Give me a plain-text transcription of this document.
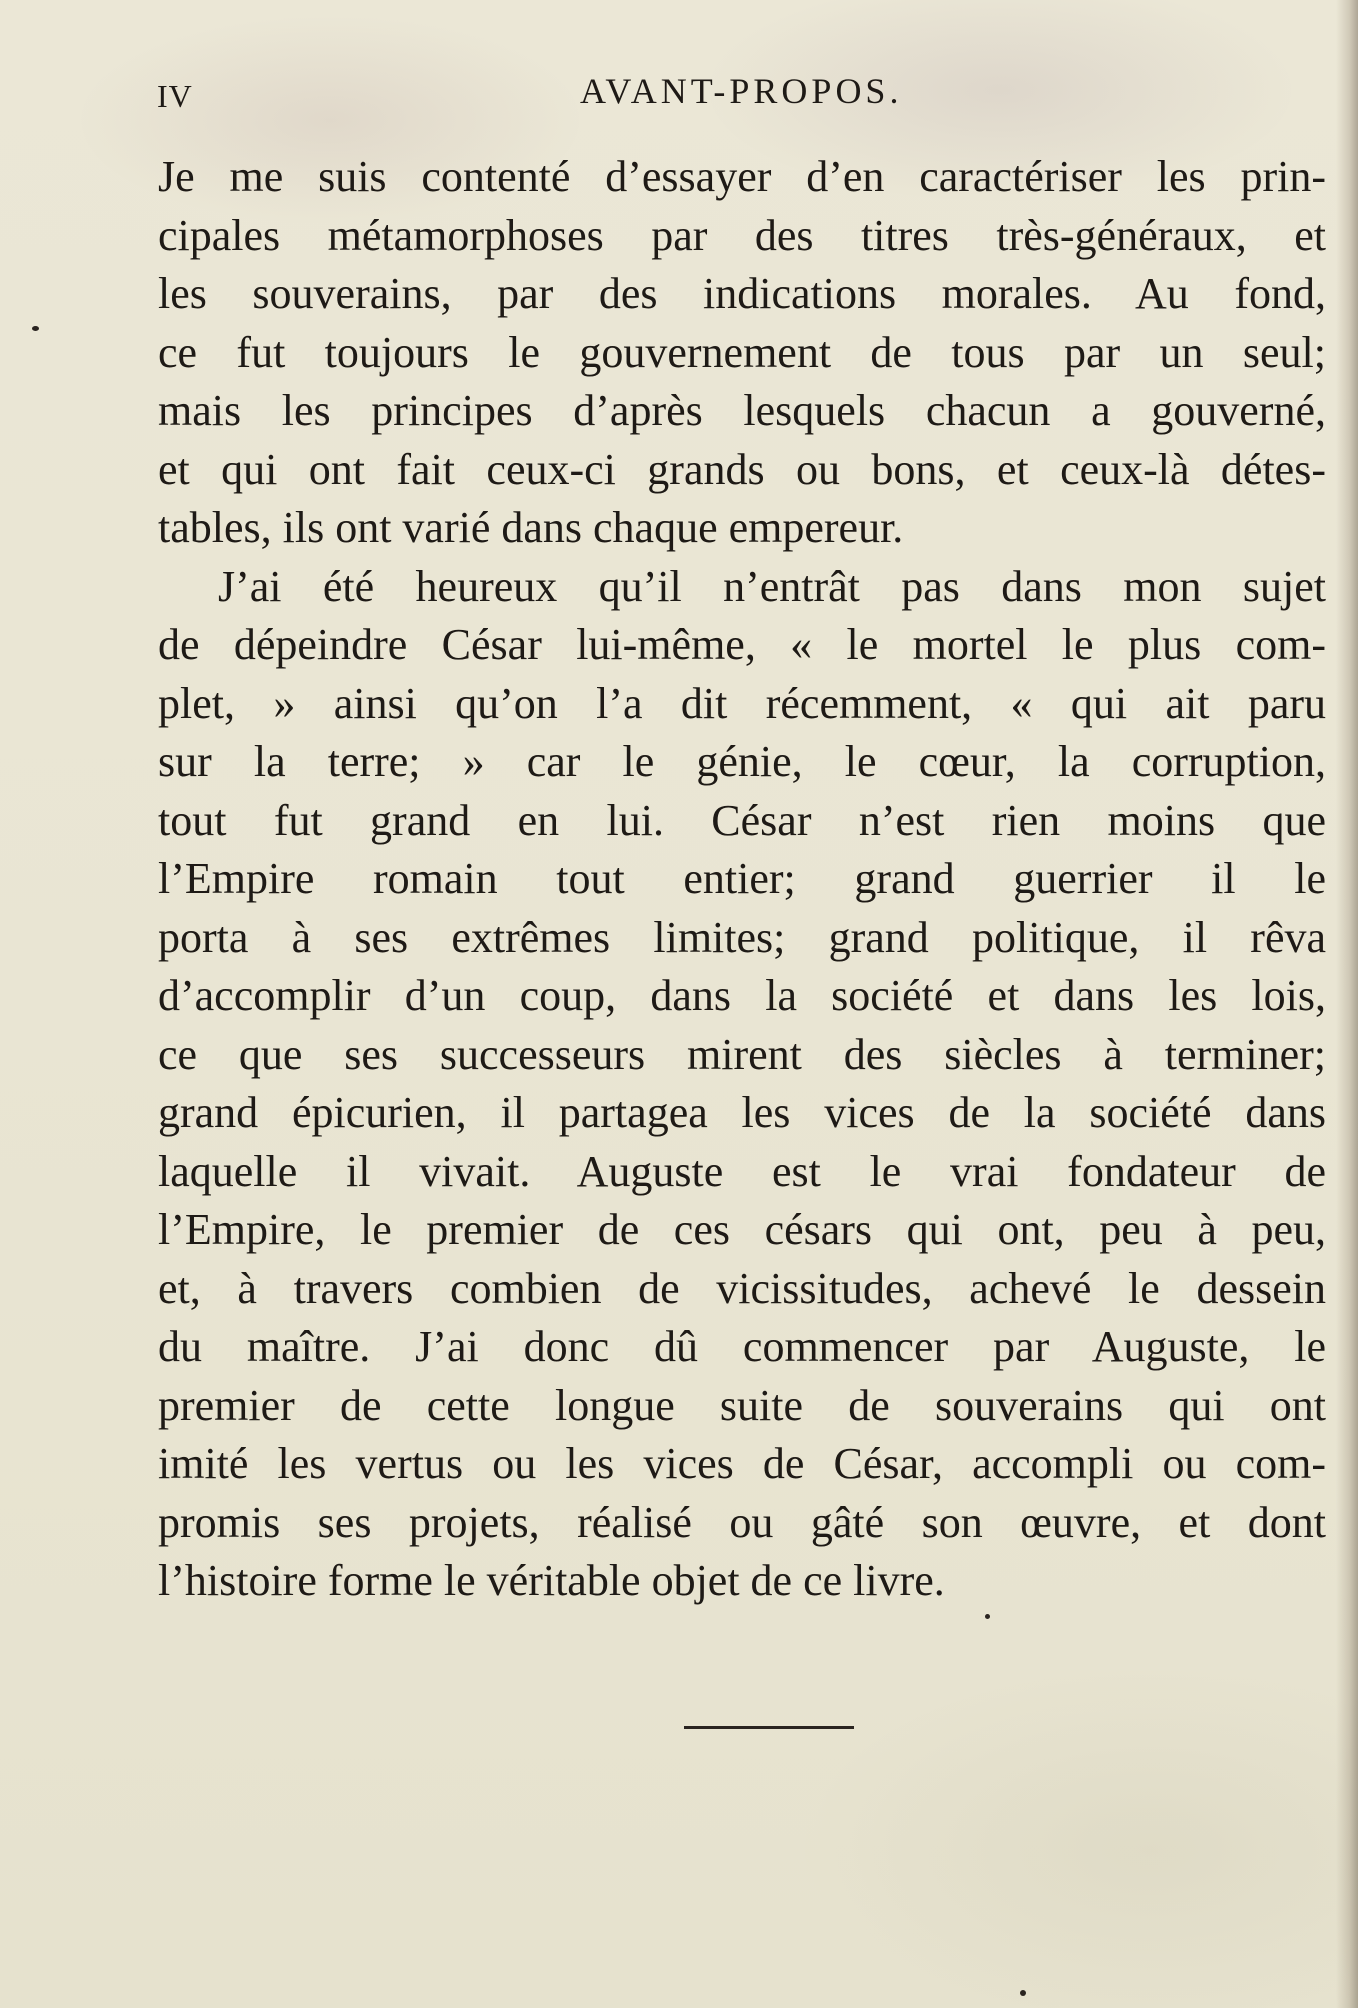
IV	AVANT-PROPOS.
Je me suis contenté d’essayer d’en caractériser les prin-
cipales métamorphoses par des titres très-généraux, et
les souverains, par des indications morales. Au fond,
ce fut toujours le gouvernement de tous par un seul;
mais les principes d’après lesquels chacun a gouverné,
et qui ont fait ceux-ci grands ou bons, et ceux-là détes-
tables, ils ont varié dans chaque empereur.
J’ai été heureux qu’il n’entrât pas dans mon sujet
de dépeindre César lui-même, « le mortel le plus com-
plet, » ainsi qu’on l’a dit récemment, « qui ait paru
sur la terre; » car le génie, le cœur, la corruption,
tout fut grand en lui. César n’est rien moins que
l’Empire romain tout entier; grand guerrier il le
porta à ses extrêmes limites; grand politique, il rêva
d’accomplir d’un coup, dans la société et dans les lois,
ce que ses successeurs mirent des siècles à terminer;
grand épicurien, il partagea les vices de la société dans
laquelle il vivait. Auguste est le vrai fondateur de
l’Empire, le premier de ces césars qui ont, peu à peu,
et, à travers combien de vicissitudes, achevé le dessein
du maître. J’ai donc dû commencer par Auguste, le
premier de cette longue suite de souverains qui ont
imité les vertus ou les vices de César, accompli ou com-
promis ses projets, réalisé ou gâté son œuvre, et dont
l’histoire forme le véritable objet de ce livre.
